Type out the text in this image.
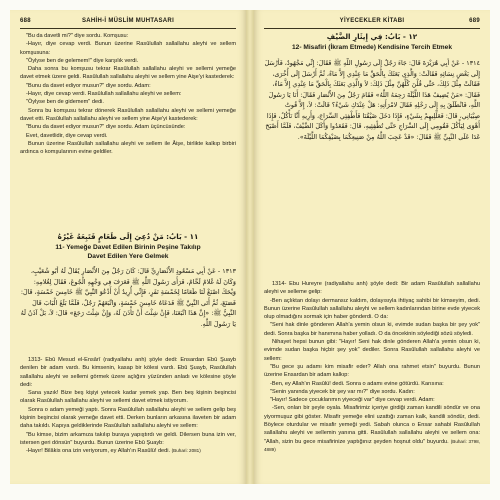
688	SAHİH-İ MÜSLİM MUHTASARI

"Bu da davetli mi?" diye sordu. Komşusu:

-Hayır, diye cevap verdi. Bunun üzerine Rasûlullah sallallahu aleyhi ve sellem komşusuna:

"Öylyse ben de gelemem!" diye karşılık verdi.

Daha sonra bu komşusu tekrar Rasûlullah sallallahu aleyhi ve sellemi yemeğe davet etmek üzere geldi. Rasûlullah sallallahu aleyhi ve sellem yine Aişe'yi kastederek:

"Bunu da davet ediyor musun?" diye sordu. Adam:

-Hayır, diye cevap verdi. Rasûlullah sallallahu aleyhi ve sellem:

"Öylyse ben de gidemem" dedi.

Sonra bu komşusu tekrar dönerek Rasûlullah sallallahu aleyhi ve sellemi yemeğe davet etti. Rasûlullah sallallahu aleyhi ve sellem yine Aişe'yi kastederek:

"Bunu da davet ediyor musun?" diye sordu. Adam üçüncüsünde:

Evet, davetlidir, diye cevap verdi.

Bunun üzerine Rasûlullah sallallahu aleyhi ve sellem ile Âişe, birlikte kalkıp birbiri ardınca o komşularının evine geldiler.

١١ - بَابُ: مَنْ دُعِيَ إِلَى طَعَامٍ فَتَبِعَهُ غَيْرُهُ
11- Yemeğe Davet Edilen Birinin Peşine Takılıp Davet Edilen Yere Gelmek
١٣١٣ - عَنْ أَبِي مَسْعُودٍ الأَنْصَارِيِّ قَالَ: كَانَ رَجُلٌ مِنَ الأَنْصَارِ يُقَالُ لَهُ أَبُو شُعَيْبٍ، وَكَانَ لَهُ غُلامٌ لَحَّامٌ، فَرَأَى رَسُولَ اللَّهِ ﷺ فَعَرَفَ فِي وَجْهِهِ الْجُوعَ، فَقَالَ لِغُلامِهِ: وَيْحَكَ اصْنَعْ لَنَا طَعَامًا لِخَمْسَةِ نَفَرٍ، فَإِنِّي أُرِيدُ أَنْ أَدْعُوَ النَّبِيَّ ﷺ خَامِسَ خَمْسَةٍ، قَالَ: فَصَنَعَ، ثُمَّ أَتَى النَّبِيَّ ﷺ فَدَعَاهُ خَامِسَ خَمْسَةٍ، وَاتَّبَعَهُمْ رَجُلٌ، فَلَمَّا بَلَغَ الْبَابَ قَالَ النَّبِيُّ ﷺ: «إِنَّ هَذَا اتَّبَعَنَا، فَإِنْ شِئْتَ أَنْ تَأْذَنَ لَهُ، وَإِنْ شِئْتَ رَجَعَ» قَالَ: لاَ، بَلْ آذَنُ لَهُ يَا رَسُولَ اللَّهِ.

1313- Ebû Mesud el-Ensârî (radiyallahu anh) şöyle dedi: Ensardan Ebû Şuayb denilen bir adam vardı. Bu kimsenin, kasap bir kölesi vardı. Ebû Şuayb, Rasûlullah sallallahu aleyhi ve sellemi görmek üzere açlığını yüzünden anladı ve kölesine şöyle dedi:

Sana yazık! Bize beş kişiyi yetecek kadar yemek yap. Ben beş kişinin beşincisi olarak Rasûlullah sallallahu aleyhi ve sellemi davet etmek istiyorum.

Sonra o adam yemeği yaptı. Sonra Rasûlullah sallallahu aleyhi ve sellem gelip beş kişinin beşincisi olarak yemeğe davet etti. Derken bunların arkasına ilaveten bir adam daha takıldı. Kapıya geldiklerinde Rasûlullah sallallahu aleyhi ve sellem:

"Bu kimse, bizim arkamıza takılıp buraya yapıştırdı ve geldi. Dilersen buna izin ver, istersen geri dönsün" buyurdu. Bunun üzerine Ebû Şuayb:

-Hayır! Bilâkis ona izin veriyorum, ey Allah'ın Rasûlü! dedi. (Buhari: 2081)

YİYECEKLER KİTABI	689
١٢ - بَابُ: فِي إِيثَارِ الضَّيْفِ
12- Misafiri (İkram Etmede) Kendisine Tercih Etmek
١٣١٤ - عَنْ أَبِي هُرَيْرَةَ قَالَ: جَاءَ رَجُلٌ إِلَى رَسُولِ اللَّهِ ﷺ فَقَالَ: إِنِّي مَجْهُودٌ، فَأَرْسَلَ إِلَى بَعْضِ نِسَائِهِ فَقَالَتْ: وَالَّذِي بَعَثَكَ بِالْحَقِّ مَا عِنْدِي إِلاَّ مَاءٌ، ثُمَّ أَرْسَلَ إِلَى أُخْرَى، فَقَالَتْ مِثْلَ ذَلِكَ، حَتَّى قُلْنَ كُلُّهُنَّ مِثْلَ ذَلِكَ: لاَ وَالَّذِي بَعَثَكَ بِالْحَقِّ مَا عِنْدِي إِلاَّ مَاءٌ، فَقَالَ: «مَنْ يُضِيفُ هَذَا اللَّيْلَةَ رَحِمَهُ اللَّهُ» فَقَامَ رَجُلٌ مِنَ الأَنْصَارِ فَقَالَ: أَنَا يَا رَسُولَ اللَّهِ، فَانْطَلَقَ بِهِ إِلَى رَحْلِهِ فَقَالَ لامْرَأَتِهِ: هَلْ عِنْدَكِ شَيْءٌ؟ قَالَتْ: لاَ، إِلاَّ قُوتُ صِبْيَانِي، قَالَ: فَعَلِّلِيهِمْ بِشَيْءٍ، فَإِذَا دَخَلَ ضَيْفُنَا فَأَطْفِئِي السِّرَاجَ، وَأَرِيهِ أَنَّا نَأْكُلُ، فَإِذَا أَهْوَى لِيَأْكُلَ فَقُومِي إِلَى السِّرَاجِ حَتَّى تُطْفِئِيهِ، قَالَ: فَقَعَدُوا وَأَكَلَ الضَّيْفُ، فَلَمَّا أَصْبَحَ غَدَا عَلَى النَّبِيِّ ﷺ فَقَالَ: «قَدْ عَجِبَ اللَّهُ مِنْ صَنِيعِكُمَا بِضَيْفِكُمَا اللَّيْلَةَ».

1314- Ebu Hureyre (radiyallahu anh) şöyle dedi: Bir adam Rasûlullah sallallahu aleyhi ve selleme gelip:

-Ben açlıktan dolayı dermansız kaldım, dolayısıyla ihtiyaç sahibi bir kimseyim, dedi. Bunun üzerine Rasûlullah sallallahu aleyhi ve sellem kadınlarından birine evde yiyecek olup olmadığını sormak için haber gönderdi. O da:

"Seni hak dinle gönderen Allah'a yemin olsun ki, evimde sudan başka bir şey yok" dedi. Sonra başka bir hanımına haber yolladı. O da öncekinin söylediği sözü söyledi.

Nihayet hepsi bunun gibi: "Hayır! Seni hak dinle gönderen Allah'a yemin olsun ki, evimde sudan başka hiçbir şey yok" dediler. Sonra Rasûlullah sallallahu aleyhi ve sellem:

"Bu gece şu adamı kim misafir eder? Allah ona rahmet etsin" buyurdu. Bunun üzerine Ensardan bir adam kalkıp:

-Ben, ey Allah'ın Rasûlü! dedi. Sonra o adamı evine götürdü. Karısına:

"Senin yanında yiyecek bir şey var mı?" diye sordu. Kadın:

"Hayır! Sadece çocuklarımın yiyeceği var" diye cevap verdi. Adam:

-Sen, onları bir şeyle oyala. Misafirimiz içeriye girdiği zaman kandili söndür ve ona yiyormuşuz gibi göster. Misafir yemeğe elini uzattığı zaman kalk, kandili söndür, dedi. Böylece oturdular ve misafir yemeği yedi. Sabah olunca o Ensar sahabi Rasûlullah sallallahu aleyhi ve sellemin yanına gitti. Rasûlullah sallallahu aleyhi ve sellem ona: "Allah, sizin bu gece misafirinize yaptığınız şeyden hoşnut oldu" buyurdu. (Buhari: 3798, 4889)
